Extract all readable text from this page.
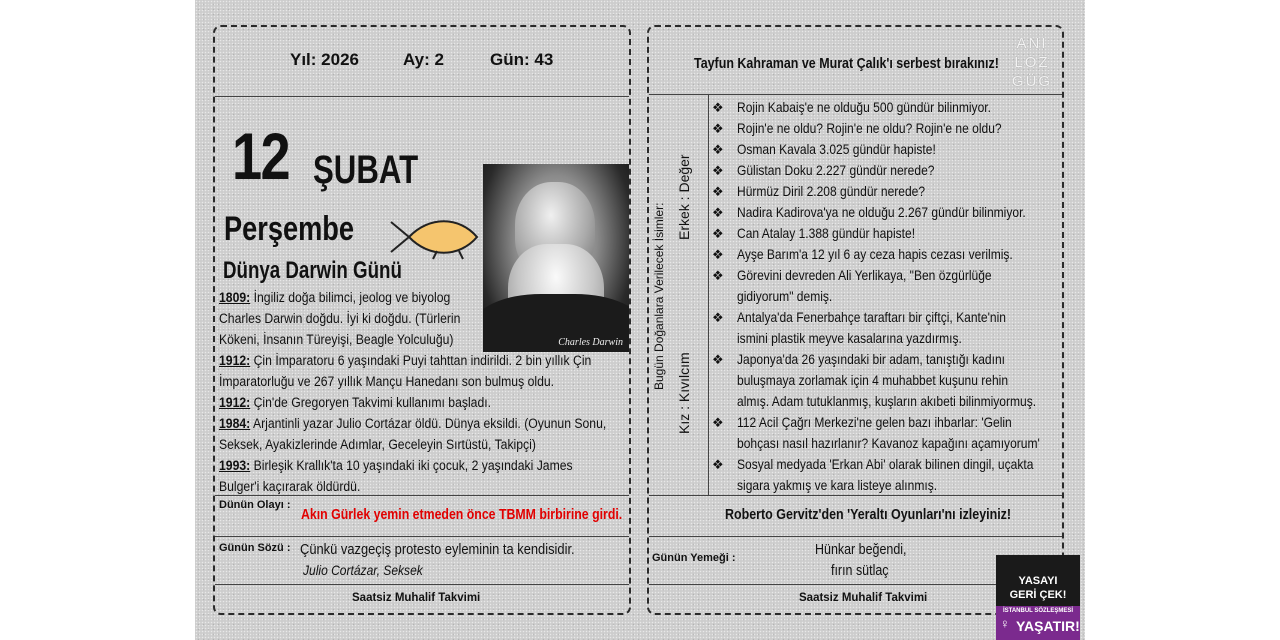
Yıl: 2026	Ay: 2	Gün: 43
12 ŞUBAT
Perşembe
Dünya Darwin Günü
Charles Darwin

1809: İngiliz doğa bilimci, jeolog ve biyolog

Charles Darwin doğdu. İyi ki doğdu. (Türlerin

Kökeni, İnsanın Türeyişi, Beagle Yolculuğu)

1912: Çin İmparatoru 6 yaşındaki Puyi tahttan indirildi. 2 bin yıllık Çin

İmparatorluğu ve 267 yıllık Mançu Hanedanı son bulmuş oldu.

1912: Çin'de Gregoryen Takvimi kullanımı başladı.

1984: Arjantinli yazar Julio Cortázar öldü. Dünya eksildi. (Oyunun Sonu,

Seksek, Ayakizlerinde Adımlar, Geceleyin Sırtüstü, Takipçi)

1993: Birleşik Krallık'ta 10 yaşındaki iki çocuk, 2 yaşındaki James

Bulger'i kaçırarak öldürdü.

Dünün Olayı :
Akın Gürlek yemin etmeden önce TBMM birbirine girdi.
Günün Sözü : Çünkü vazgeçiş protesto eyleminin ta kendisidir.
Julio Cortázar, Seksek
Saatsiz Muhalif Takvimi
Tayfun Kahraman ve Murat Çalık'ı serbest bırakınız!
ANI
LOZ
GÜG
Bugün Doğanlara Verilecek İsimler:
Kız : Kıvılcım
Erkek : Değer
❖ Rojin Kabaiş'e ne olduğu 500 gündür bilinmiyor.
❖ Rojin'e ne oldu? Rojin'e ne oldu? Rojin'e ne oldu?
❖ Osman Kavala 3.025 gündür hapiste!
❖ Gülistan Doku 2.227 gündür nerede?
❖ Hürmüz Diril 2.208 gündür nerede?
❖ Nadira Kadirova'ya ne olduğu 2.267 gündür bilinmiyor.
❖ Can Atalay 1.388 gündür hapiste!
❖ Ayşe Barım'a 12 yıl 6 ay ceza hapis cezası verilmiş.
❖ Görevini devreden Ali Yerlikaya, "Ben özgürlüğe
gidiyorum" demiş.
❖ Antalya'da Fenerbahçe taraftarı bir çiftçi, Kante'nin
ismini plastik meyve kasalarına yazdırmış.
❖ Japonya'da 26 yaşındaki bir adam, tanıştığı kadını
buluşmaya zorlamak için 4 muhabbet kuşunu rehin
almış. Adam tutuklanmış, kuşların akıbeti bilinmiyormuş.
❖ 112 Acil Çağrı Merkezi'ne gelen bazı ihbarlar: 'Gelin
bohçası nasıl hazırlanır? Kavanoz kapağını açamıyorum'
❖ Sosyal medyada 'Erkan Abi' olarak bilinen dingil, uçakta
sigara yakmış ve kara listeye alınmış.
Roberto Gervitz'den 'Yeraltı Oyunları'nı izleyiniz!
Günün Yemeği :	Hünkar beğendi,
fırın sütlaç
Saatsiz Muhalif Takvimi
YASAYI
GERİ ÇEK!
İSTANBUL SÖZLEŞMESİ
♀ YAŞATIR!
